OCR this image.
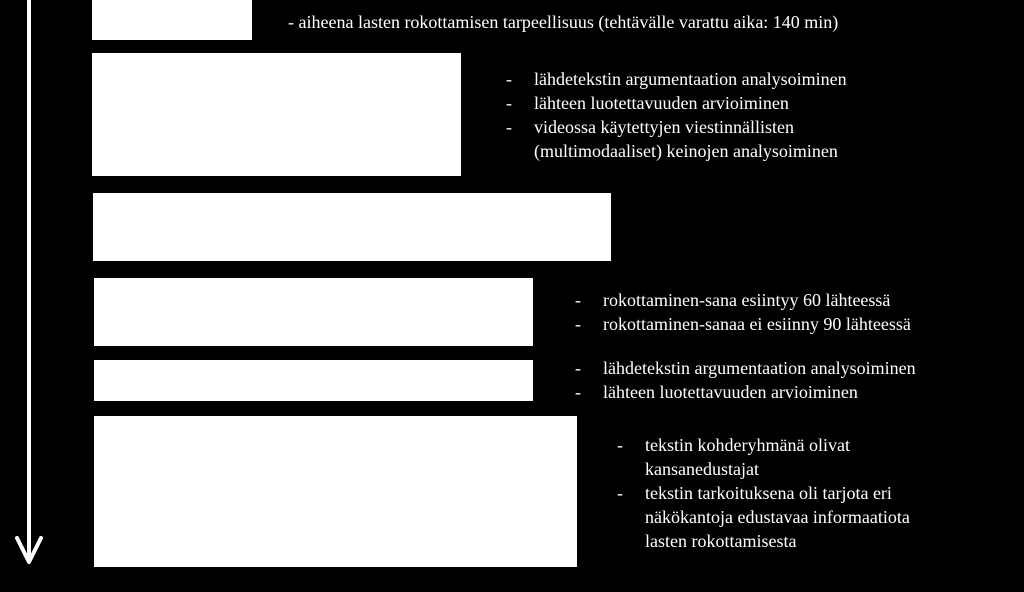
- aiheena lasten rokottamisen tarpeellisuus (tehtävälle varattu aika: 140 min)
- lähdetekstin argumentaation analysoiminen
- lähteen luotettavuuden arvioiminen
- videossa käytettyjen viestinnällisten
(multimodaaliset) keinojen analysoiminen
- rokottaminen-sana esiintyy 60 lähteessä
- rokottaminen-sanaa ei esiinny 90 lähteessä
- lähdetekstin argumentaation analysoiminen
- lähteen luotettavuuden arvioiminen
- tekstin kohderyhmänä olivat
kansanedustajat
- tekstin tarkoituksena oli tarjota eri
näkökantoja edustavaa informaatiota
lasten rokottamisesta
